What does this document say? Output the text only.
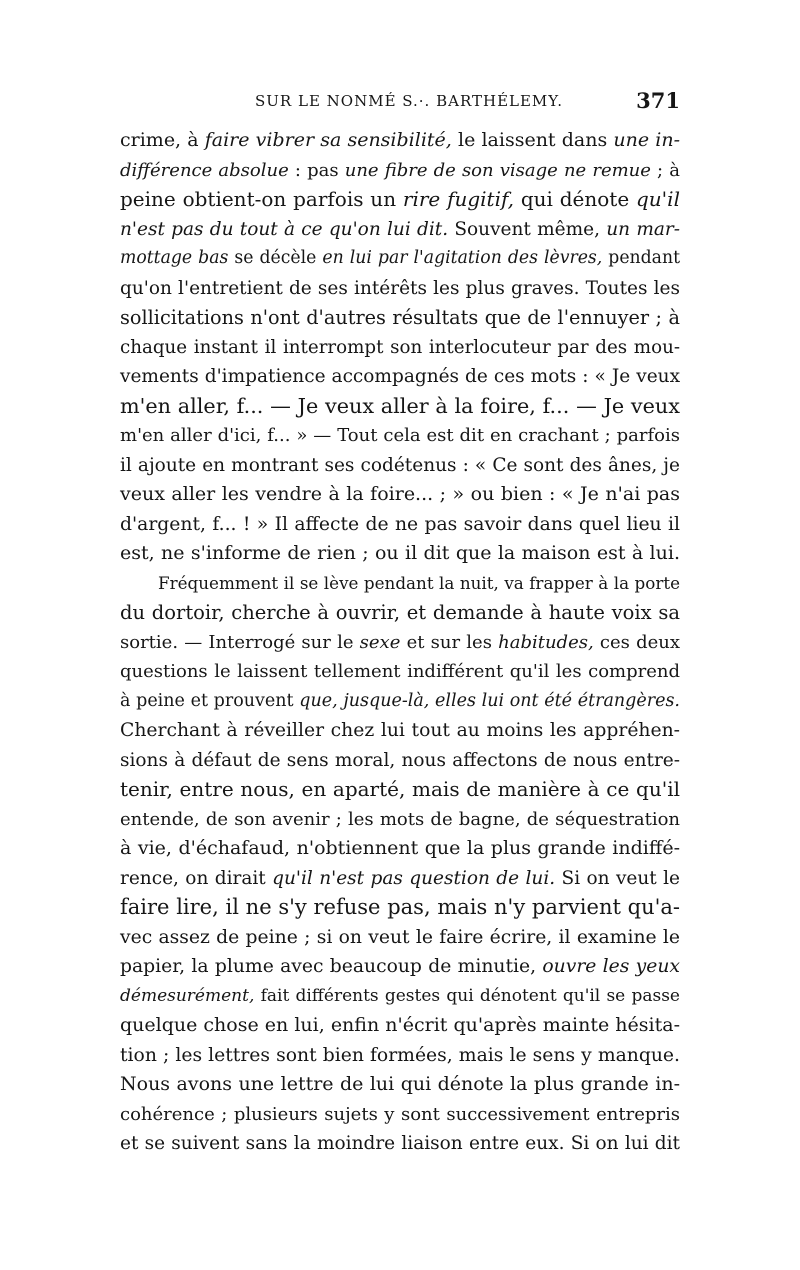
SUR LE NONMÉ S.·. BARTHÉLEMY.	371
crime, à faire vibrer sa sensibilité, le laissent dans une in-
différence absolue : pas une fibre de son visage ne remue ; à
peine obtient-on parfois un rire fugitif, qui dénote qu'il
n'est pas du tout à ce qu'on lui dit. Souvent même, un mar-
mottage bas se décèle en lui par l'agitation des lèvres, pendant
qu'on l'entretient de ses intérêts les plus graves. Toutes les
sollicitations n'ont d'autres résultats que de l'ennuyer ; à
chaque instant il interrompt son interlocuteur par des mou-
vements d'impatience accompagnés de ces mots : « Je veux
m'en aller, f... — Je veux aller à la foire, f... — Je veux
m'en aller d'ici, f... » — Tout cela est dit en crachant ; parfois
il ajoute en montrant ses codétenus : « Ce sont des ânes, je
veux aller les vendre à la foire... ; » ou bien : « Je n'ai pas
d'argent, f... ! » Il affecte de ne pas savoir dans quel lieu il
est, ne s'informe de rien ; ou il dit que la maison est à lui.
Fréquemment il se lève pendant la nuit, va frapper à la porte
du dortoir, cherche à ouvrir, et demande à haute voix sa
sortie. — Interrogé sur le sexe et sur les habitudes, ces deux
questions le laissent tellement indifférent qu'il les comprend
à peine et prouvent que, jusque-là, elles lui ont été étrangères.
Cherchant à réveiller chez lui tout au moins les appréhen-
sions à défaut de sens moral, nous affectons de nous entre-
tenir, entre nous, en aparté, mais de manière à ce qu'il
entende, de son avenir ; les mots de bagne, de séquestration
à vie, d'échafaud, n'obtiennent que la plus grande indiffé-
rence, on dirait qu'il n'est pas question de lui. Si on veut le
faire lire, il ne s'y refuse pas, mais n'y parvient qu'a-
vec assez de peine ; si on veut le faire écrire, il examine le
papier, la plume avec beaucoup de minutie, ouvre les yeux
démesurément, fait différents gestes qui dénotent qu'il se passe
quelque chose en lui, enfin n'écrit qu'après mainte hésita-
tion ; les lettres sont bien formées, mais le sens y manque.
Nous avons une lettre de lui qui dénote la plus grande in-
cohérence ; plusieurs sujets y sont successivement entrepris
et se suivent sans la moindre liaison entre eux. Si on lui dit
